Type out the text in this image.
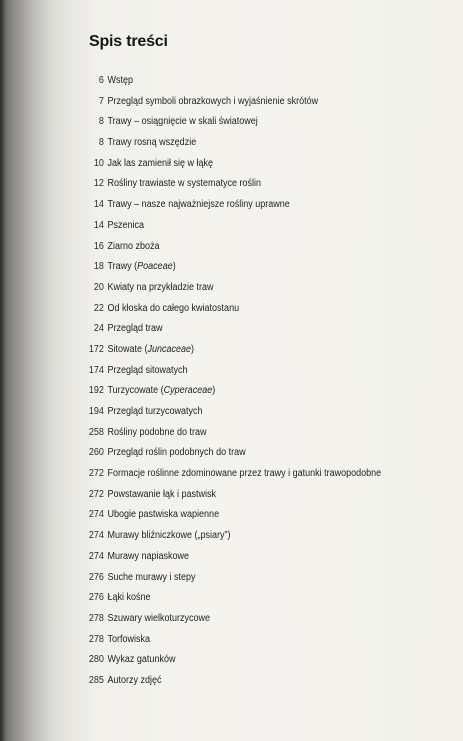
Spis treści
6 Wstęp
7 Przegląd symboli obrazkowych i wyjaśnienie skrótów
8 Trawy – osiągnięcie w skali światowej
8 Trawy rosną wszędzie
10 Jak las zamienił się w łąkę
12 Rośliny trawiaste w systematyce roślin
14 Trawy – nasze najważniejsze rośliny uprawne
14 Pszenica
16 Ziarno zboża
18 Trawy (Poaceae)
20 Kwiaty na przykładzie traw
22 Od kłoska do całego kwiatostanu
24 Przegląd traw
172 Sitowate (Juncaceae)
174 Przegląd sitowatych
192 Turzycowate (Cyperaceae)
194 Przegląd turzycowatych
258 Rośliny podobne do traw
260 Przegląd roślin podobnych do traw
272 Formacje roślinne zdominowane przez trawy i gatunki trawopodobne
272 Powstawanie łąk i pastwisk
274 Ubogie pastwiska wapienne
274 Murawy bliźniczkowe („psiary”)
274 Murawy napiaskowe
276 Suche murawy i stepy
276 Łąki kośne
278 Szuwary wielkoturzycowe
278 Torfowiska
280 Wykaz gatunków
285 Autorzy zdjęć
